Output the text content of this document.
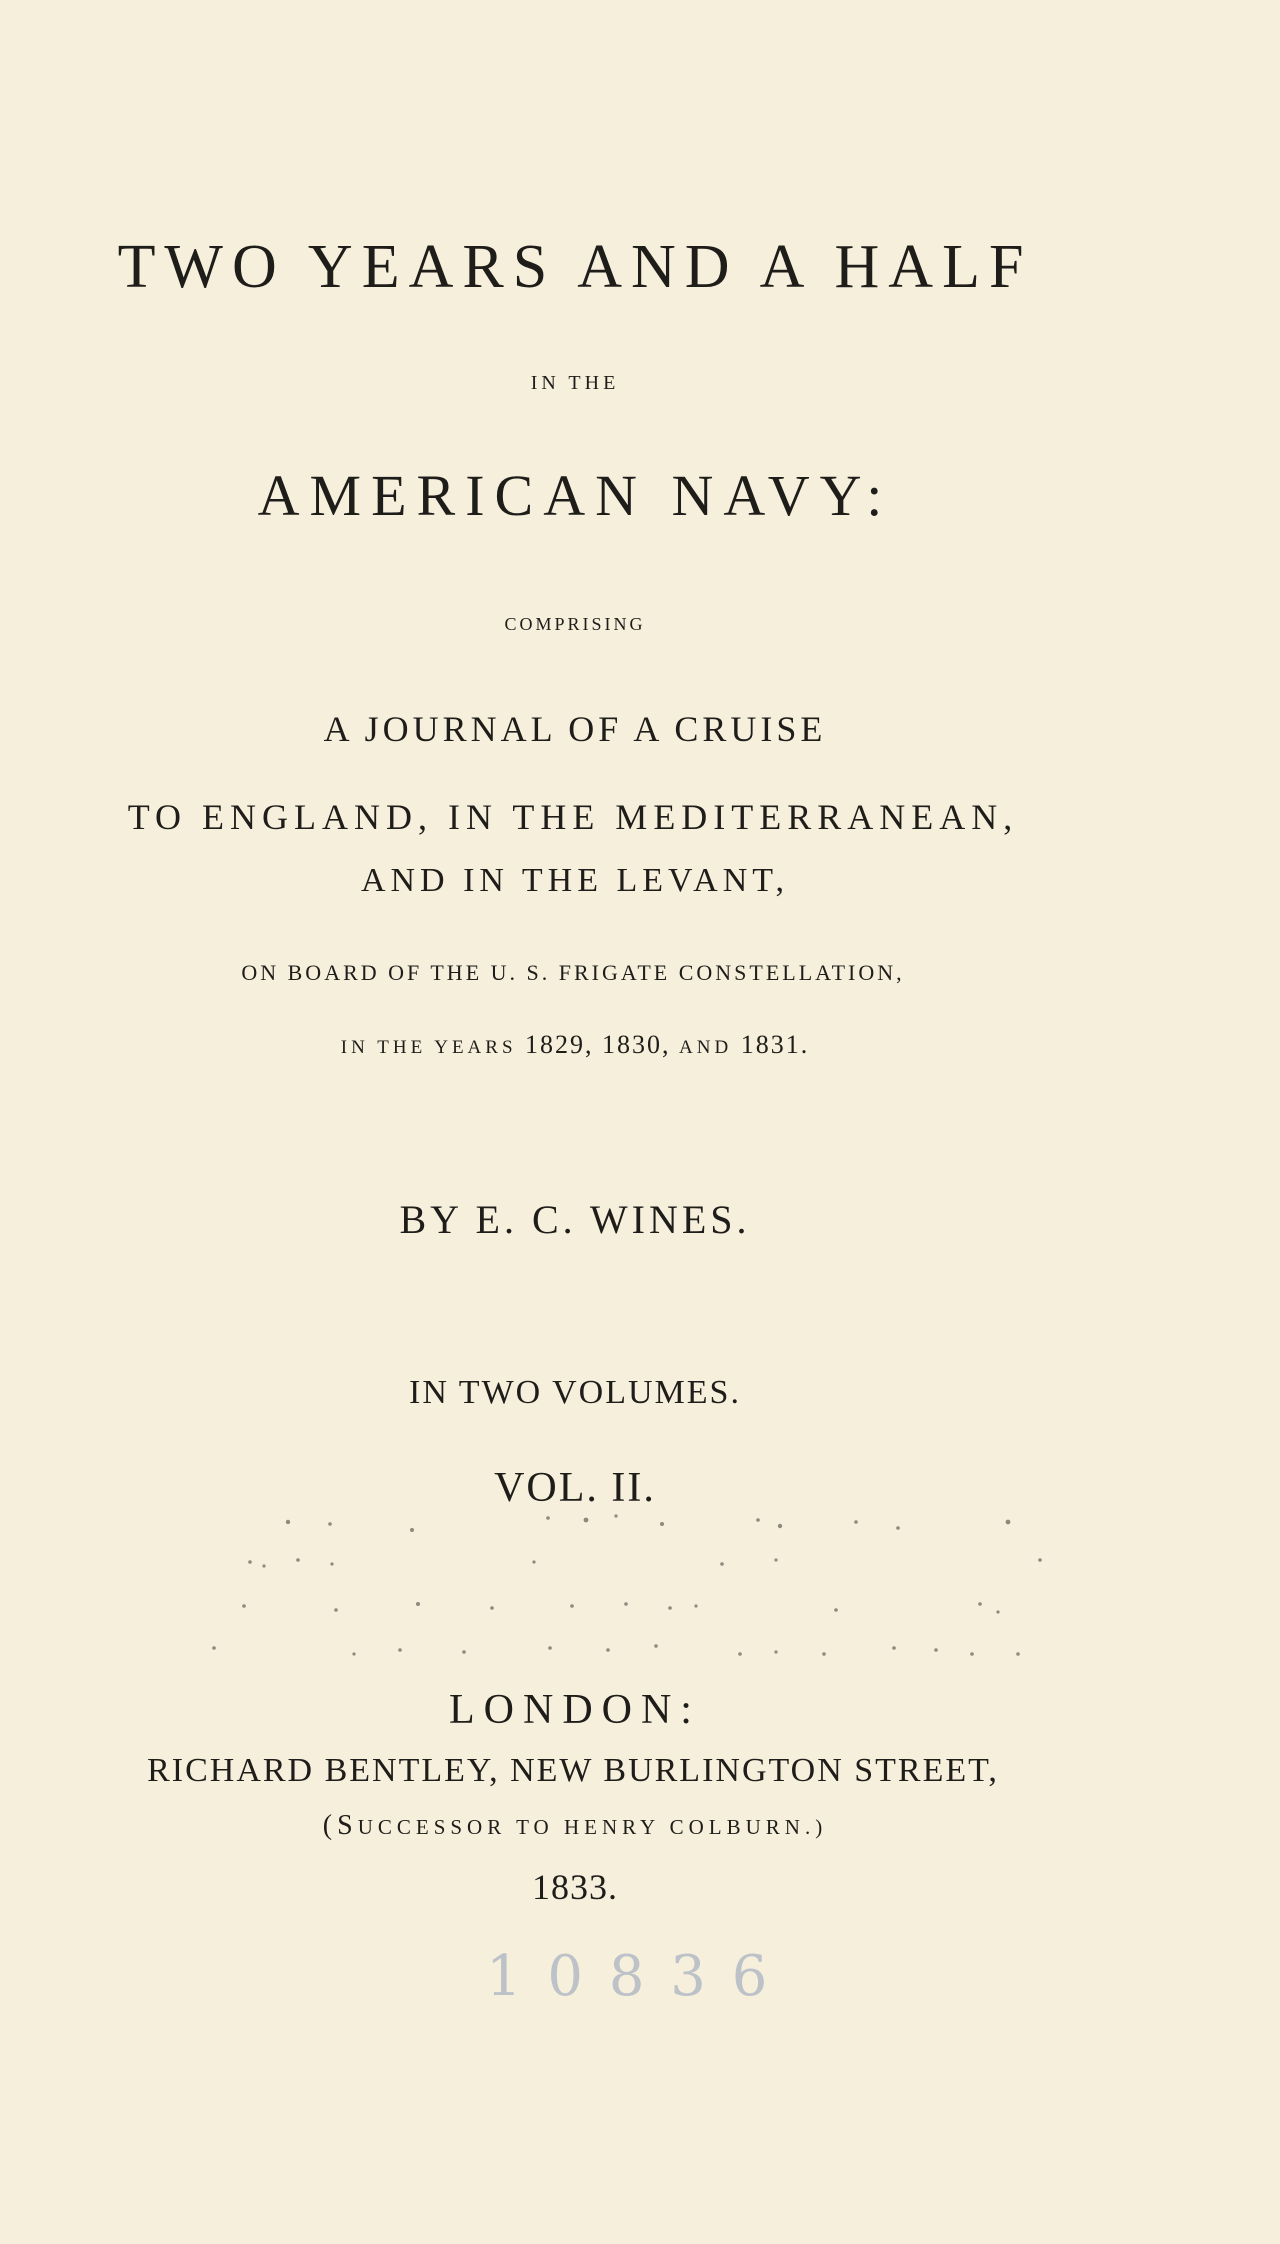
TWO YEARS AND A HALF
IN THE
AMERICAN NAVY:
COMPRISING
A JOURNAL OF A CRUISE
TO ENGLAND, IN THE MEDITERRANEAN,
AND IN THE LEVANT,
ON BOARD OF THE U. S. FRIGATE CONSTELLATION,
IN THE YEARS 1829, 1830, AND 1831.
BY E. C. WINES.
IN TWO VOLUMES.
VOL. II.
LONDON:
RICHARD BENTLEY, NEW BURLINGTON STREET,
(SUCCESSOR TO HENRY COLBURN.)
1833.
1 0 8 3 6
